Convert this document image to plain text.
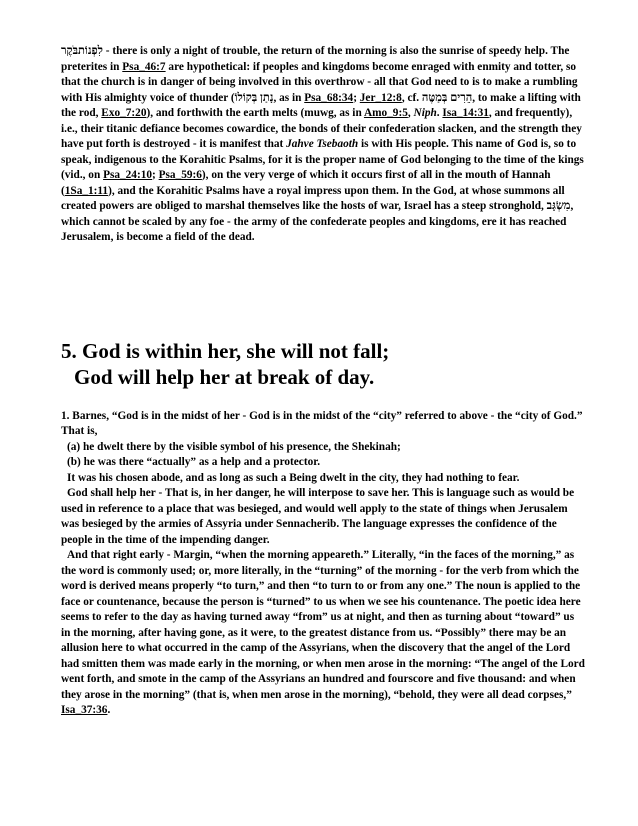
לִפְנוֹתבֹּקֶר - there is only a night of trouble, the return of the morning is also the sunrise of speedy help. The preterites in Psa_46:7 are hypothetical: if peoples and kingdoms become enraged with enmity and totter, so that the church is in danger of being involved in this overthrow - all that God need to is to make a rumbling with His almighty voice of thunder (נָתַן בְּקוֹלוֹ, as in Psa_68:34; Jer_12:8, cf. הֵרִים בְּמַטֶּה, to make a lifting with the rod, Exo_7:20), and forthwith the earth melts (muwg, as in Amo_9:5, Niph. Isa_14:31, and frequently), i.e., their titanic defiance becomes cowardice, the bonds of their confederation slacken, and the strength they have put forth is destroyed - it is manifest that Jahve Tsebaoth is with His people. This name of God is, so to speak, indigenous to the Korahitic Psalms, for it is the proper name of God belonging to the time of the kings (vid., on Psa_24:10; Psa_59:6), on the very verge of which it occurs first of all in the mouth of Hannah (1Sa_1:11), and the Korahitic Psalms have a royal impress upon them. In the God, at whose summons all created powers are obliged to marshal themselves like the hosts of war, Israel has a steep stronghold, מִשְׂגָּב, which cannot be scaled by any foe - the army of the confederate peoples and kingdoms, ere it has reached Jerusalem, is become a field of the dead.

5. God is within her, she will not fall;
God will help her at break of day.

1. Barnes, “God is in the midst of her - God is in the midst of the “city” referred to above - the “city of God.” That is,

(a) he dwelt there by the visible symbol of his presence, the Shekinah;

(b) he was there “actually” as a help and a protector.

It was his chosen abode, and as long as such a Being dwelt in the city, they had nothing to fear.

God shall help her - That is, in her danger, he will interpose to save her. This is language such as would be used in reference to a place that was besieged, and would well apply to the state of things when Jerusalem was besieged by the armies of Assyria under Sennacherib. The language expresses the confidence of the people in the time of the impending danger.

And that right early - Margin, “when the morning appeareth.” Literally, “in the faces of the morning,” as the word is commonly used; or, more literally, in the “turning” of the morning - for the verb from which the word is derived means properly “to turn,” and then “to turn to or from any one.” The noun is applied to the face or countenance, because the person is “turned” to us when we see his countenance. The poetic idea here seems to refer to the day as having turned away “from” us at night, and then as turning about “toward” us in the morning, after having gone, as it were, to the greatest distance from us. “Possibly” there may be an allusion here to what occurred in the camp of the Assyrians, when the discovery that the angel of the Lord had smitten them was made early in the morning, or when men arose in the morning: “The angel of the Lord went forth, and smote in the camp of the Assyrians an hundred and fourscore and five thousand: and when they arose in the morning” (that is, when men arose in the morning), “behold, they were all dead corpses,” Isa_37:36.
